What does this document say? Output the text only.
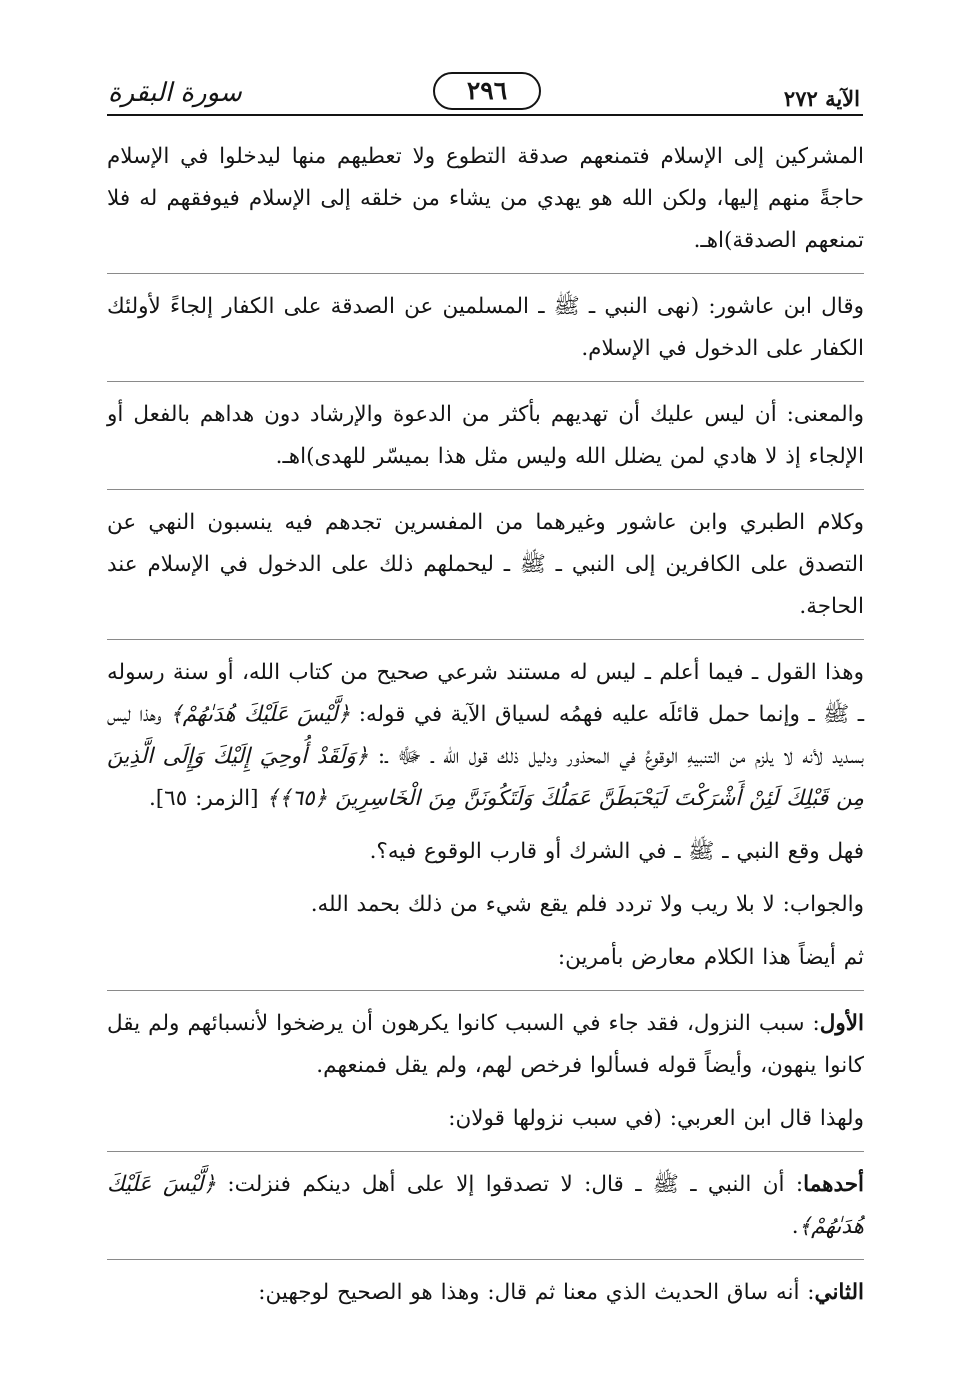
الآية ٢٧٢
٢٩٦
سورة البقرة

المشركين إلى الإسلام فتمنعهم صدقة التطوع ولا تعطيهم منها ليدخلوا في الإسلام حاجةً منهم إليها، ولكن الله هو يهدي من يشاء من خلقه إلى الإسلام فيوفقهم له فلا تمنعهم الصدقة)اهـ.

وقال ابن عاشور: (نهى النبي ـ ﷺ ـ المسلمين عن الصدقة على الكفار إلجاءً لأولئك الكفار على الدخول في الإسلام.

والمعنى: أن ليس عليك أن تهديهم بأكثر من الدعوة والإرشاد دون هداهم بالفعل أو الإلجاء إذ لا هادي لمن يضلل الله وليس مثل هذا بميسّر للهدى)اهـ.

وكلام الطبري وابن عاشور وغيرهما من المفسرين تجدهم فيه ينسبون النهي عن التصدق على الكافرين إلى النبي ـ ﷺ ـ ليحملهم ذلك على الدخول في الإسلام عند الحاجة.

وهذا القول ـ فيما أعلم ـ ليس له مستند شرعي صحيح من كتاب الله، أو سنة رسوله ـ ﷺ ـ وإنما حمل قائلَه عليه فهمُه لسياق الآية في قوله: ﴿لَّيْسَ عَلَيْكَ هُدَىٰهُمْ﴾ وهذا ليس بسديد لأنه لا يلزم من التنبيهِ الوقوعُ في المحذور ودليل ذلك قول الله ـ ﷻ ـ: ﴿وَلَقَدْ أُوحِيَ إِلَيْكَ وَإِلَى الَّذِينَ مِن قَبْلِكَ لَئِنْ أَشْرَكْتَ لَيَحْبَطَنَّ عَمَلُكَ وَلَتَكُونَنَّ مِنَ الْخَاسِرِينَ ﴿٦٥﴾﴾ [الزمر: ٦٥].

فهل وقع النبي ـ ﷺ ـ في الشرك أو قارب الوقوع فيه؟.

والجواب: لا بلا ريب ولا تردد فلم يقع شيء من ذلك بحمد الله.

ثم أيضاً هذا الكلام معارض بأمرين:

الأول: سبب النزول، فقد جاء في السبب كانوا يكرهون أن يرضخوا لأنسبائهم ولم يقل كانوا ينهون، وأيضاً قوله فسألوا فرخص لهم، ولم يقل فمنعهم.

ولهذا قال ابن العربي: (في سبب نزولها قولان:

أحدهما: أن النبي ـ ﷺ ـ قال: لا تصدقوا إلا على أهل دينكم فنزلت: ﴿لَّيْسَ عَلَيْكَ هُدَىٰهُمْ﴾.

الثاني: أنه ساق الحديث الذي معنا ثم قال: وهذا هو الصحيح لوجهين:
